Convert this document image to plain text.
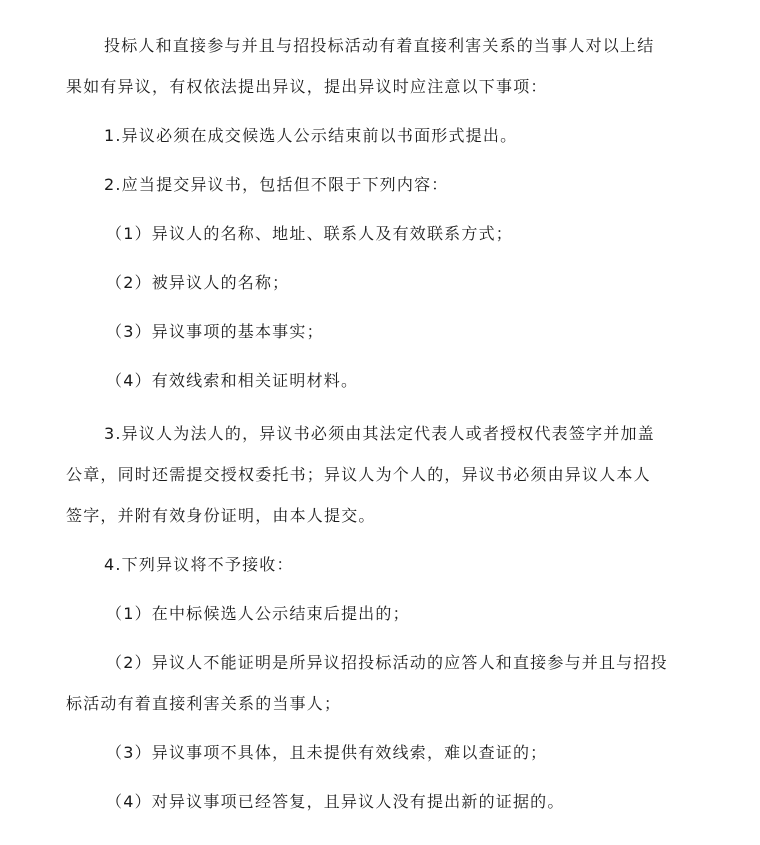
投标人和直接参与并且与招投标活动有着直接利害关系的当事人对以上结
果如有异议，有权依法提出异议，提出异议时应注意以下事项：
1.异议必须在成交候选人公示结束前以书面形式提出。
2.应当提交异议书，包括但不限于下列内容：
（1）异议人的名称、地址、联系人及有效联系方式；
（2）被异议人的名称；
（3）异议事项的基本事实；
（4）有效线索和相关证明材料。
3.异议人为法人的，异议书必须由其法定代表人或者授权代表签字并加盖
公章，同时还需提交授权委托书；异议人为个人的，异议书必须由异议人本人
签字，并附有效身份证明，由本人提交。
4.下列异议将不予接收：
（1）在中标候选人公示结束后提出的；
（2）异议人不能证明是所异议招投标活动的应答人和直接参与并且与招投
标活动有着直接利害关系的当事人；
（3）异议事项不具体，且未提供有效线索，难以查证的；
（4）对异议事项已经答复，且异议人没有提出新的证据的。
